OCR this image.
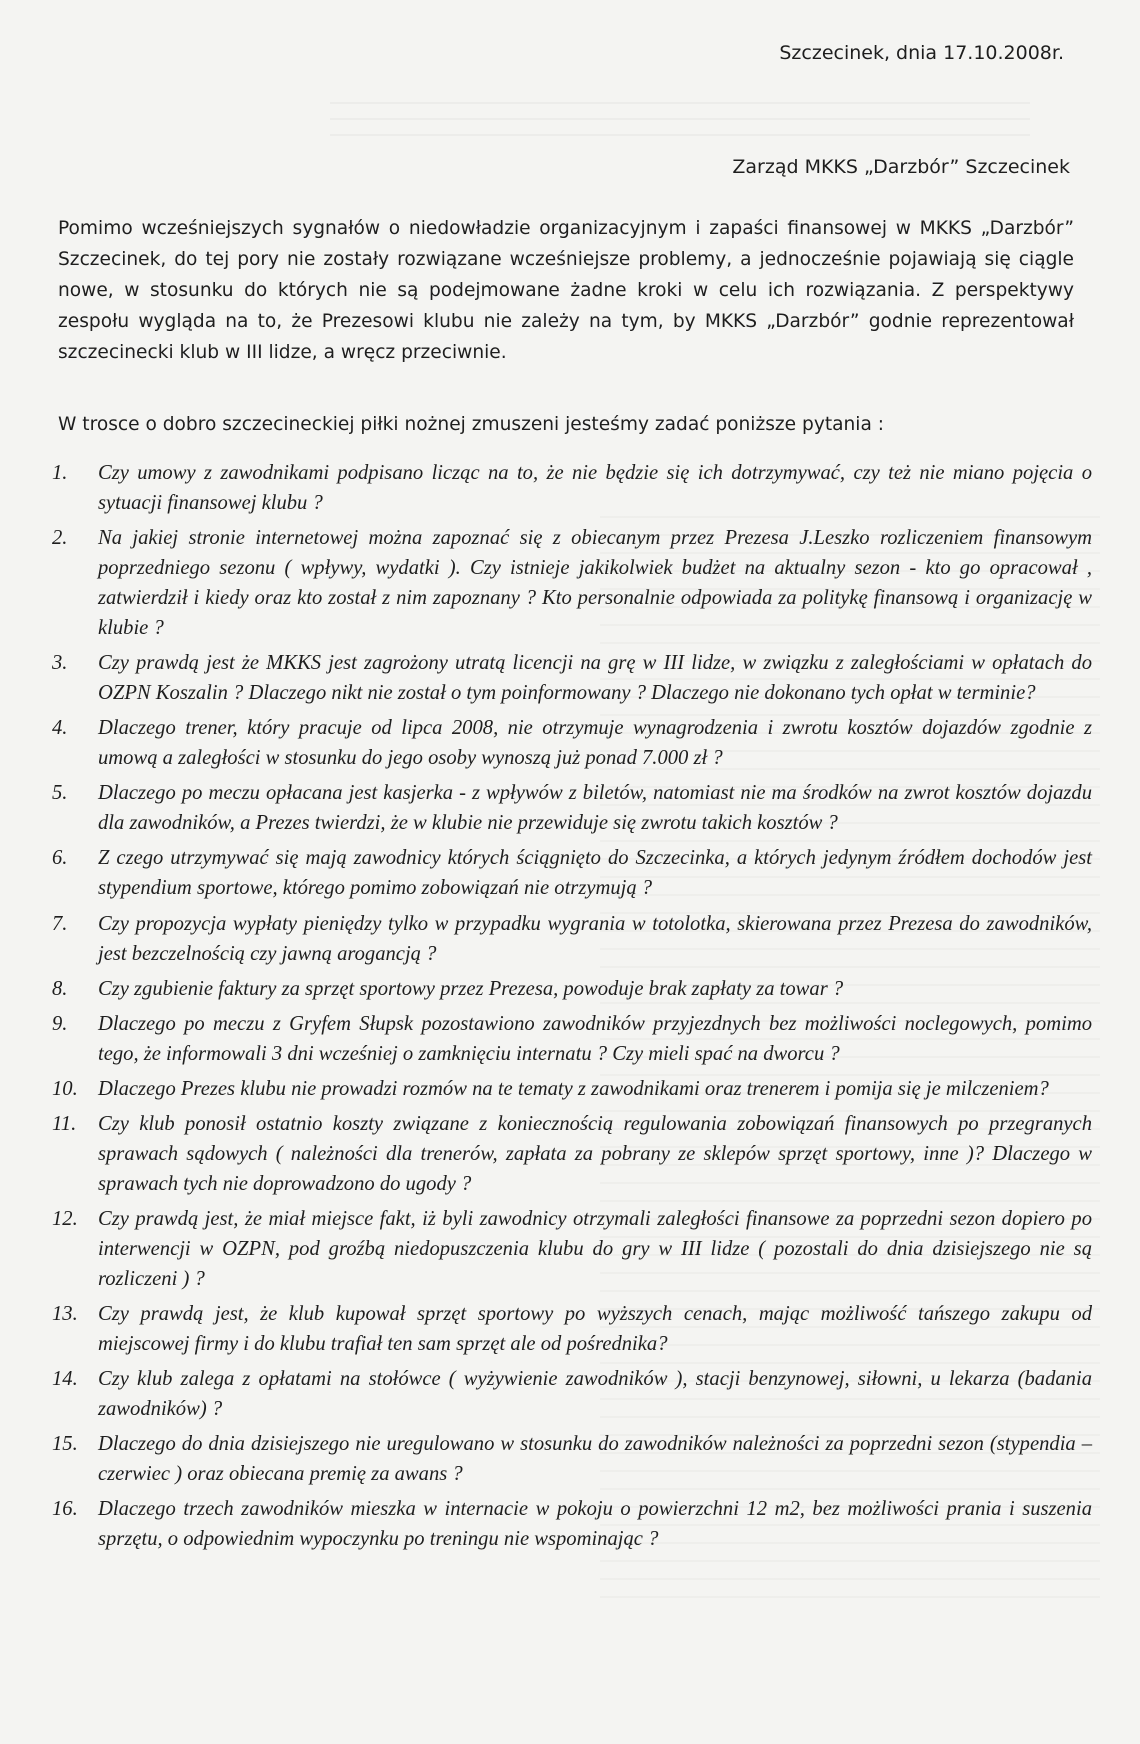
Szczecinek, dnia 17.10.2008r.
Zarząd MKKS „Darzbór” Szczecinek

Pomimo wcześniejszych sygnałów o niedowładzie organizacyjnym i zapaści finansowej w MKKS „Darzbór” Szczecinek, do tej pory nie zostały rozwiązane wcześniejsze problemy, a jednocześnie pojawiają się ciągle nowe, w stosunku do których nie są podejmowane żadne kroki w celu ich rozwiązania. Z perspektywy zespołu wygląda na to, że Prezesowi klubu nie zależy na tym, by MKKS „Darzbór” godnie reprezentował szczecinecki klub w III lidze, a wręcz przeciwnie.

W trosce o dobro szczecineckiej piłki nożnej zmuszeni jesteśmy zadać poniższe pytania :

1.	Czy umowy z zawodnikami podpisano licząc na to, że nie będzie się ich dotrzymywać, czy też nie miano pojęcia o sytuacji finansowej klubu ?
2.	Na jakiej stronie internetowej można zapoznać się z obiecanym przez Prezesa J.Leszko rozliczeniem finansowym poprzedniego sezonu ( wpływy, wydatki ). Czy istnieje jakikolwiek budżet na aktualny sezon - kto go opracował , zatwierdził i kiedy oraz kto został z nim zapoznany ? Kto personalnie odpowiada za politykę finansową i organizację w klubie ?
3.	Czy prawdą jest że MKKS jest zagrożony utratą licencji na grę w III lidze, w związku z zaległościami w opłatach do OZPN Koszalin ? Dlaczego nikt nie został o tym poinformowany ? Dlaczego nie dokonano tych opłat w terminie?
4.	Dlaczego trener, który pracuje od lipca 2008, nie otrzymuje wynagrodzenia i zwrotu kosztów dojazdów zgodnie z umową a zaległości w stosunku do jego osoby wynoszą już ponad 7.000 zł ?
5.	Dlaczego po meczu opłacana jest kasjerka - z wpływów z biletów, natomiast nie ma środków na zwrot kosztów dojazdu dla zawodników, a Prezes twierdzi, że w klubie nie przewiduje się zwrotu takich kosztów ?
6.	Z czego utrzymywać się mają zawodnicy których ściągnięto do Szczecinka, a których jedynym źródłem dochodów jest stypendium sportowe, którego pomimo zobowiązań nie otrzymują ?
7.	Czy propozycja wypłaty pieniędzy tylko w przypadku wygrania w totolotka, skierowana przez Prezesa do zawodników, jest bezczelnością czy jawną arogancją ?
8.	Czy zgubienie faktury za sprzęt sportowy przez Prezesa, powoduje brak zapłaty za towar ?
9.	Dlaczego po meczu z Gryfem Słupsk pozostawiono zawodników przyjezdnych bez możliwości noclegowych, pomimo tego, że informowali 3 dni wcześniej o zamknięciu internatu ? Czy mieli spać na dworcu ?
10. Dlaczego Prezes klubu nie prowadzi rozmów na te tematy z zawodnikami oraz trenerem i pomija się je milczeniem?
11.	Czy klub ponosił ostatnio koszty związane z koniecznością regulowania zobowiązań finansowych po przegranych sprawach sądowych ( należności dla trenerów, zapłata za pobrany ze sklepów sprzęt sportowy, inne )? Dlaczego w sprawach tych nie doprowadzono do ugody ?
12. Czy prawdą jest, że miał miejsce fakt, iż byli zawodnicy otrzymali zaległości finansowe za poprzedni sezon dopiero po interwencji w OZPN, pod groźbą niedopuszczenia klubu do gry w III lidze ( pozostali do dnia dzisiejszego nie są rozliczeni ) ?
13. Czy prawdą jest, że klub kupował sprzęt sportowy po wyższych cenach, mając możliwość tańszego zakupu od miejscowej firmy i do klubu trafiał ten sam sprzęt ale od pośrednika?
14. Czy klub zalega z opłatami na stołówce ( wyżywienie zawodników ), stacji benzynowej, siłowni, u lekarza (badania zawodników) ?
15. Dlaczego do dnia dzisiejszego nie uregulowano w stosunku do zawodników należności za poprzedni sezon (stypendia – czerwiec ) oraz obiecana premię za awans ?
16. Dlaczego trzech zawodników mieszka w internacie w pokoju o powierzchni 12 m2, bez możliwości prania i suszenia sprzętu, o odpowiednim wypoczynku po treningu nie wspominając ?
